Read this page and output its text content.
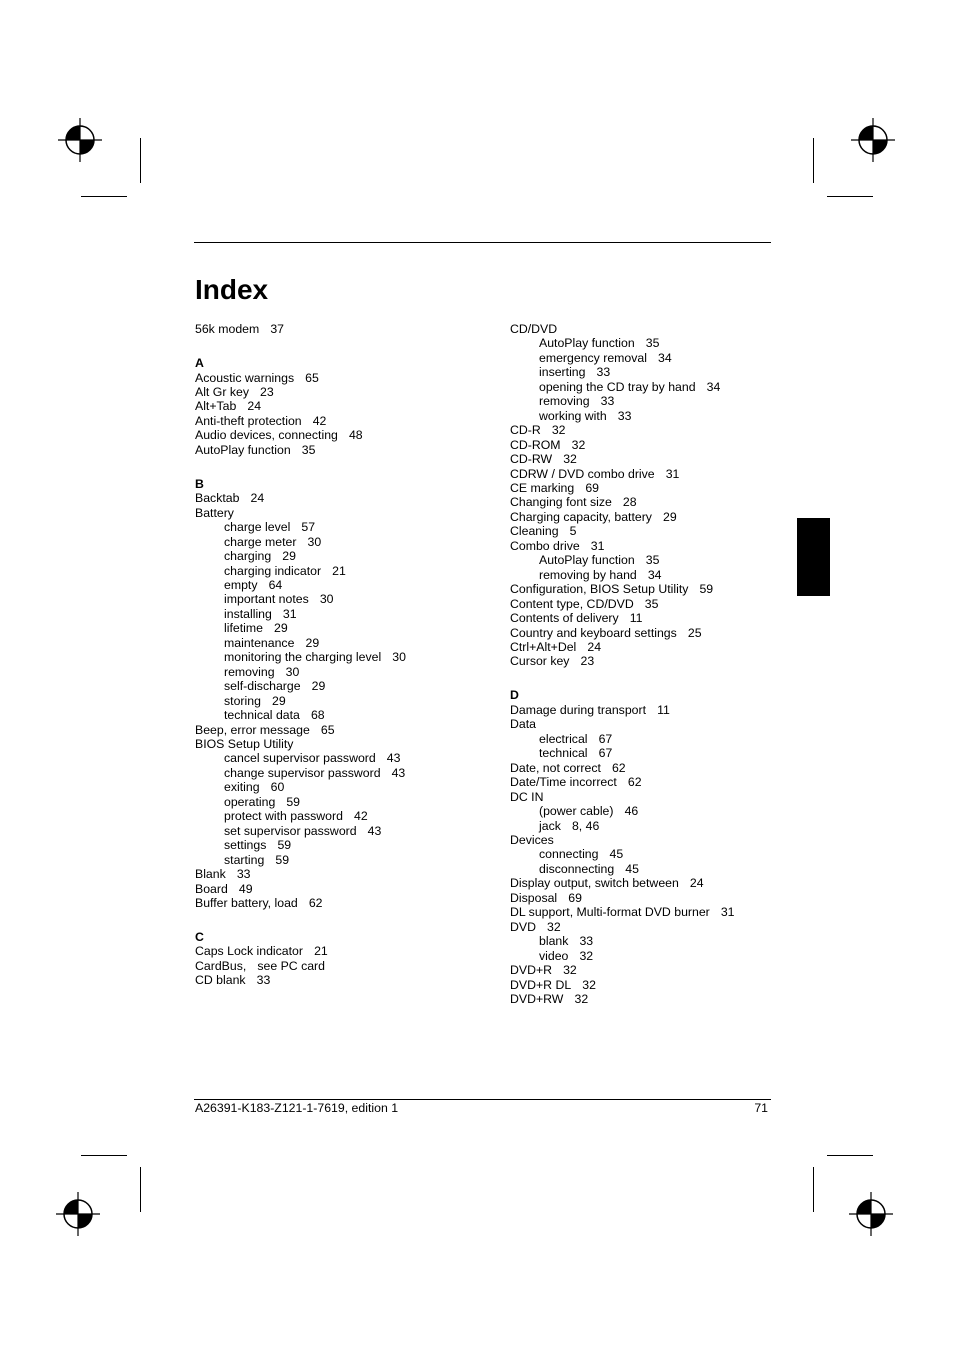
Index
56k modem 37
A
Acoustic warnings 65
Alt Gr key 23
Alt+Tab 24
Anti-theft protection 42
Audio devices, connecting 48
AutoPlay function 35
B
Backtab 24
Battery
charge level 57
charge meter 30
charging 29
charging indicator 21
empty 64
important notes 30
installing 31
lifetime 29
maintenance 29
monitoring the charging level 30
removing 30
self-discharge 29
storing 29
technical data 68
Beep, error message 65
BIOS Setup Utility
cancel supervisor password 43
change supervisor password 43
exiting 60
operating 59
protect with password 42
set supervisor password 43
settings 59
starting 59
Blank 33
Board 49
Buffer battery, load 62
C
Caps Lock indicator 21
CardBus, see PC card
CD blank 33
CD/DVD
AutoPlay function 35
emergency removal 34
inserting 33
opening the CD tray by hand 34
removing 33
working with 33
CD-R 32
CD-ROM 32
CD-RW 32
CDRW / DVD combo drive 31
CE marking 69
Changing font size 28
Charging capacity, battery 29
Cleaning 5
Combo drive 31
AutoPlay function 35
removing by hand 34
Configuration, BIOS Setup Utility 59
Content type, CD/DVD 35
Contents of delivery 11
Country and keyboard settings 25
Ctrl+Alt+Del 24
Cursor key 23
D
Damage during transport 11
Data
electrical 67
technical 67
Date, not correct 62
Date/Time incorrect 62
DC IN
(power cable) 46
jack 8, 46
Devices
connecting 45
disconnecting 45
Display output, switch between 24
Disposal 69
DL support, Multi-format DVD burner 31
DVD 32
blank 33
video 32
DVD+R 32
DVD+R DL 32
DVD+RW 32
A26391-K183-Z121-1-7619, edition 1	71
